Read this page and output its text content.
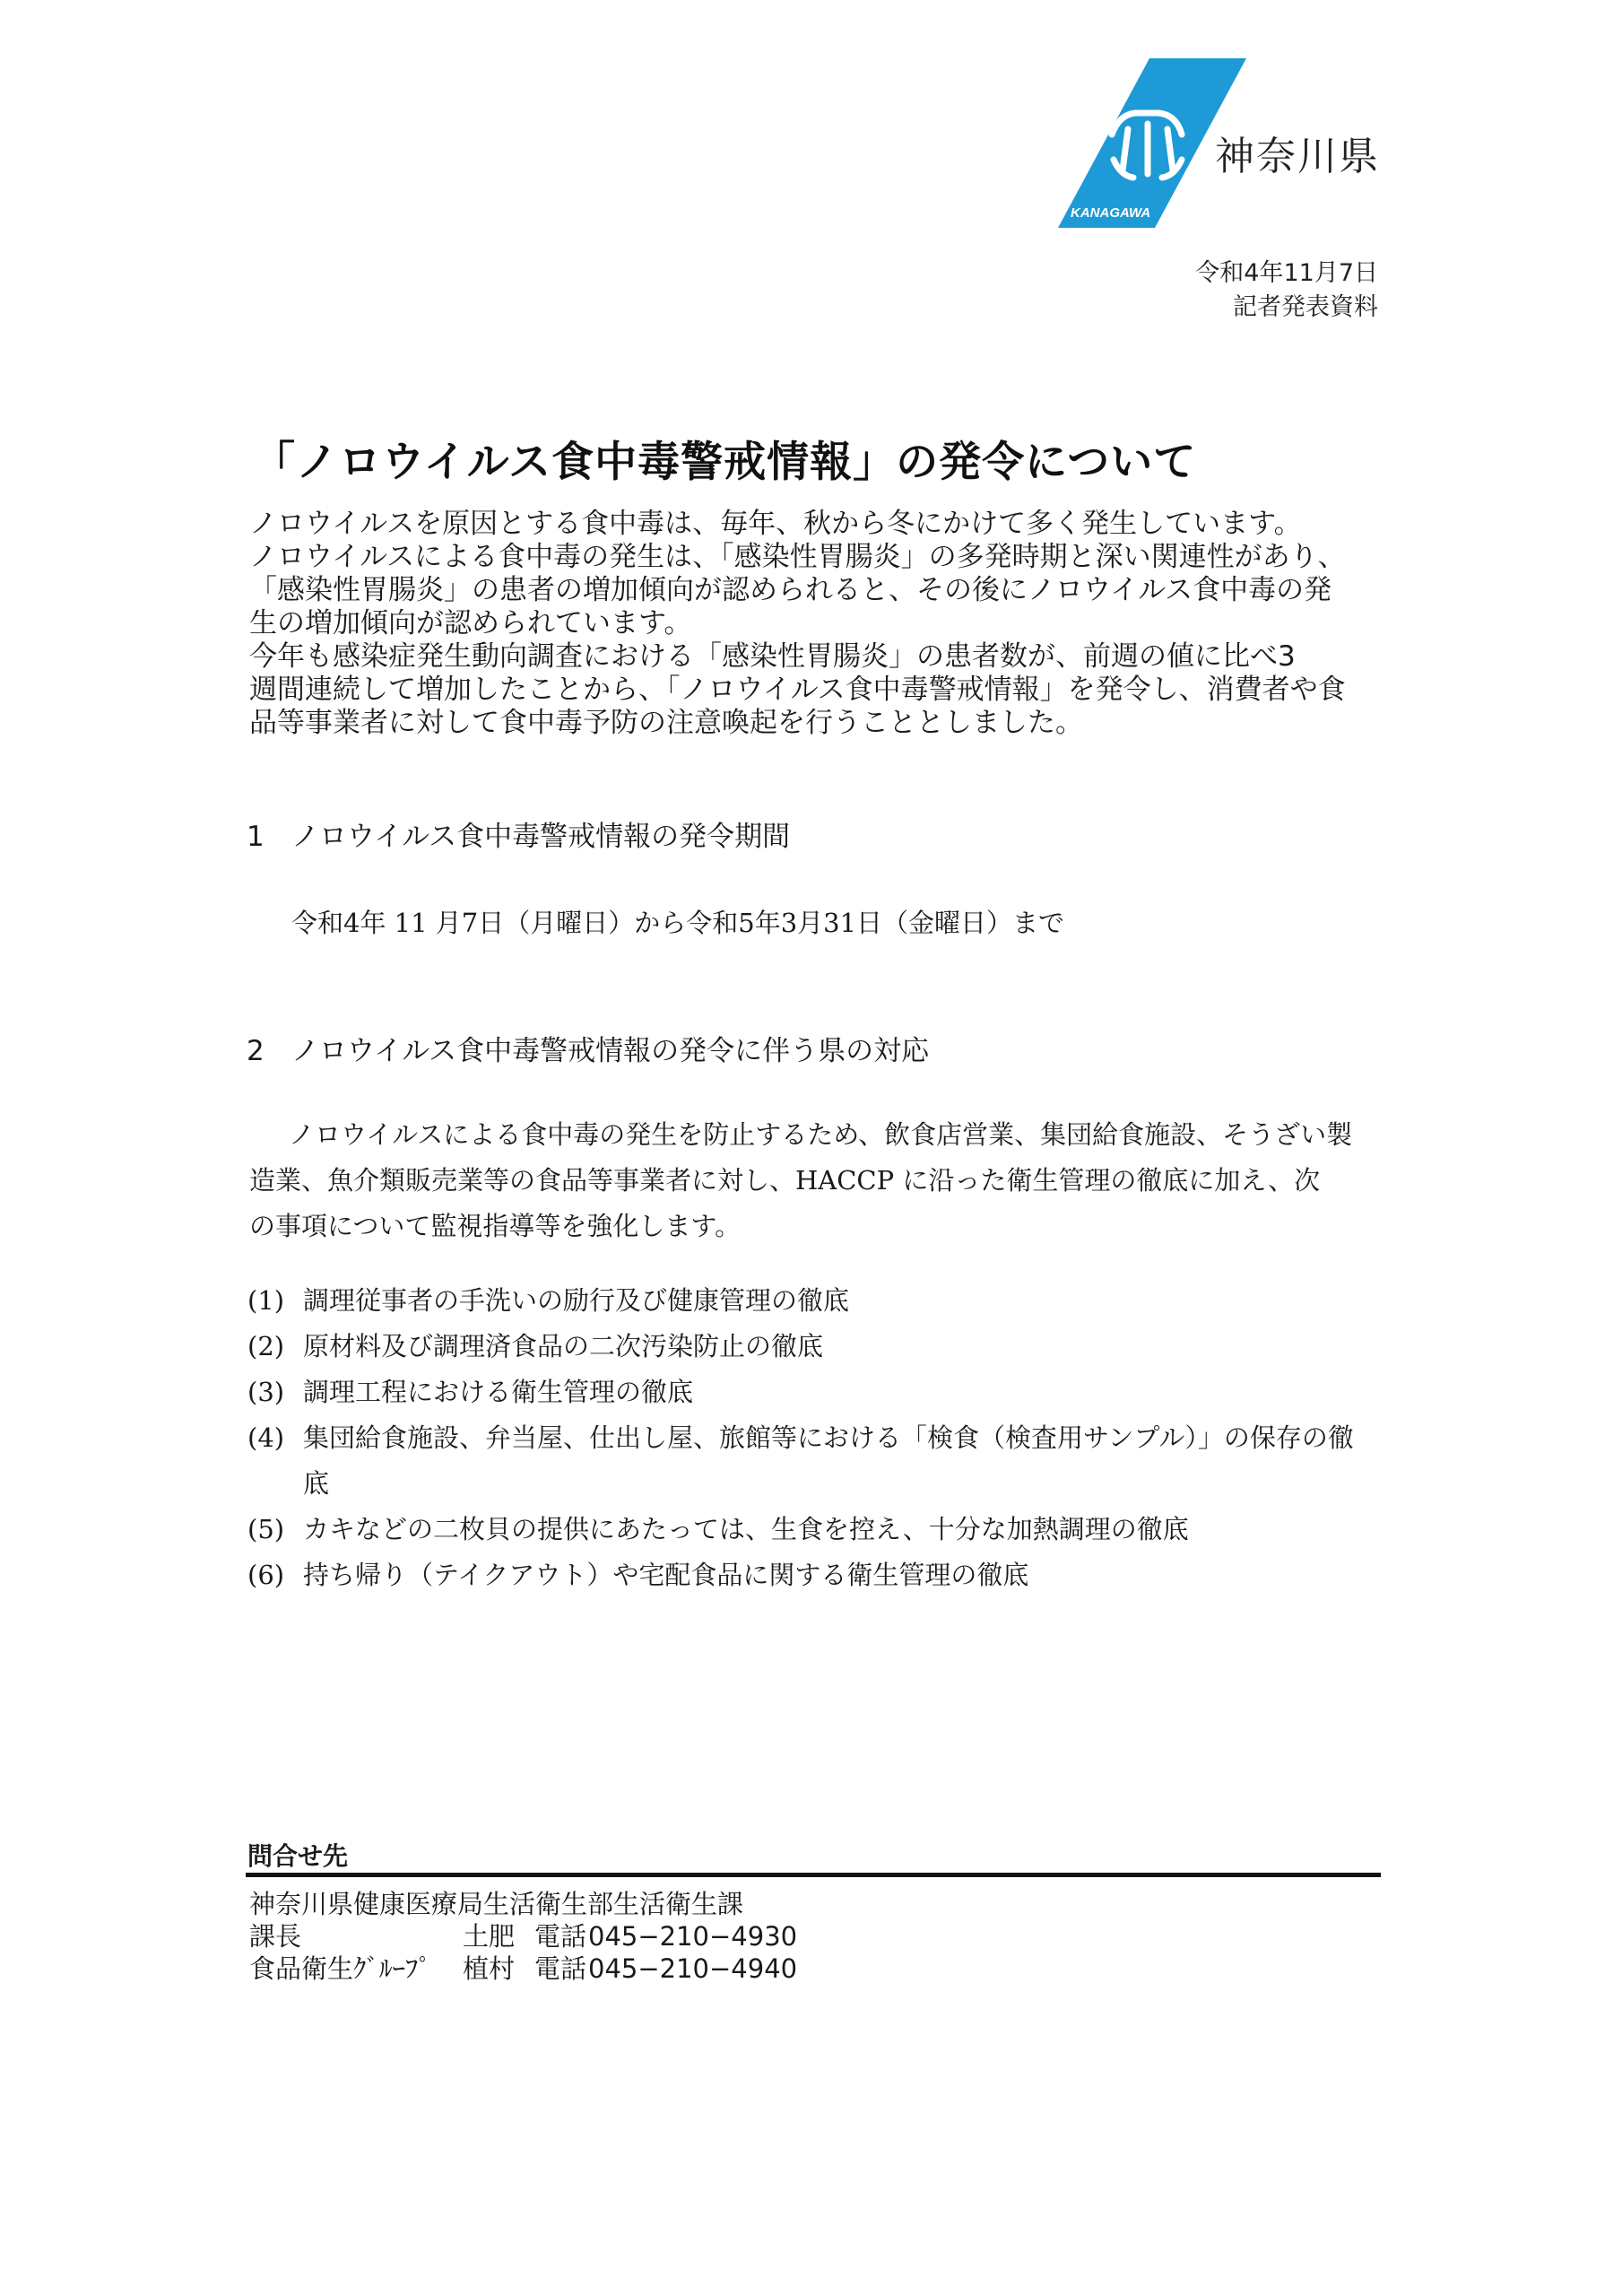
KANAGAWA
神奈川県
令和4年11月7日
記者発表資料
「ノロウイルス食中毒警戒情報」の発令について

ノロウイルスを原因とする食中毒は、毎年、秋から冬にかけて多く発生しています。

ノロウイルスによる食中毒の発生は、「感染性胃腸炎」の多発時期と深い関連性があり、

「感染性胃腸炎」の患者の増加傾向が認められると、その後にノロウイルス食中毒の発

生の増加傾向が認められています。

今年も感染症発生動向調査における「感染性胃腸炎」の患者数が、前週の値に比べ3

週間連続して増加したことから、「ノロウイルス食中毒警戒情報」を発令し、消費者や食

品等事業者に対して食中毒予防の注意喚起を行うこととしました。

1 ノロウイルス食中毒警戒情報の発令期間
令和4年 11 月7日（月曜日）から令和5年3月31日（金曜日）まで
2 ノロウイルス食中毒警戒情報の発令に伴う県の対応

ノロウイルスによる食中毒の発生を防止するため、飲食店営業、集団給食施設、そうざい製

造業、魚介類販売業等の食品等事業者に対し、HACCP に沿った衛生管理の徹底に加え、次

の事項について監視指導等を強化します。

(1) 調理従事者の手洗いの励行及び健康管理の徹底
(2) 原材料及び調理済食品の二次汚染防止の徹底
(3) 調理工程における衛生管理の徹底
(4) 集団給食施設、弁当屋、仕出し屋、旅館等における「検食（検査用サンプル）」の保存の徹底
(5) カキなどの二枚貝の提供にあたっては、生食を控え、十分な加熱調理の徹底
(6) 持ち帰り（テイクアウト）や宅配食品に関する衛生管理の徹底
問合せ先
神奈川県健康医療局生活衛生部生活衛生課
課長	土肥 電話 045−210−4930
食品衛生ｸﾞﾙｰﾌﾟ	植村 電話 045−210−4940
